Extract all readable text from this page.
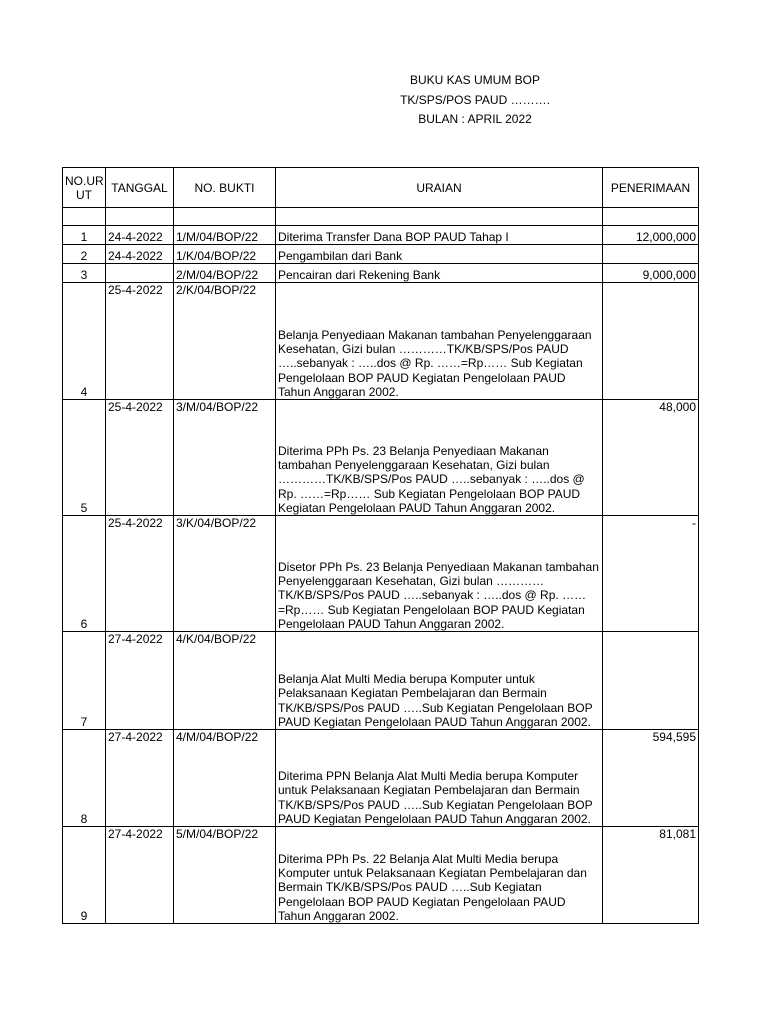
BUKU KAS UMUM BOP
TK/SPS/POS PAUD ……….
BULAN : APRIL 2022
NO.UR UT	TANGGAL	NO. BUKTI	URAIAN	PENERIMAAN

1	24-4-2022	1/M/04/BOP/22	Diterima Transfer Dana BOP PAUD Tahap I	12,000,000
2	24-4-2022	1/K/04/BOP/22	Pengambilan dari Bank	
3		2/M/04/BOP/22	Pencairan dari Rekening Bank	9,000,000
4	25-4-2022	2/K/04/BOP/22	Belanja Penyediaan Makanan tambahan Penyelenggaraan Kesehatan, Gizi bulan …………TK/KB/SPS/Pos PAUD …..sebanyak : …..dos @ Rp. ……=Rp…… Sub Kegiatan Pengelolaan BOP PAUD Kegiatan Pengelolaan PAUD Tahun Anggaran 2002.	
5	25-4-2022	3/M/04/BOP/22	Diterima PPh Ps. 23 Belanja Penyediaan Makanan tambahan Penyelenggaraan Kesehatan, Gizi bulan …………TK/KB/SPS/Pos PAUD …..sebanyak : …..dos @ Rp. ……=Rp…… Sub Kegiatan Pengelolaan BOP PAUD Kegiatan Pengelolaan PAUD Tahun Anggaran 2002.	48,000
6	25-4-2022	3/K/04/BOP/22	Disetor PPh Ps. 23 Belanja Penyediaan Makanan tambahan Penyelenggaraan Kesehatan, Gizi bulan …………TK/KB/SPS/Pos PAUD …..sebanyak : …..dos @ Rp. ……=Rp…… Sub Kegiatan Pengelolaan BOP PAUD Kegiatan Pengelolaan PAUD Tahun Anggaran 2002.	-
7	27-4-2022	4/K/04/BOP/22	Belanja Alat Multi Media berupa Komputer untuk Pelaksanaan Kegiatan Pembelajaran dan Bermain TK/KB/SPS/Pos PAUD …..Sub Kegiatan Pengelolaan BOP PAUD Kegiatan Pengelolaan PAUD Tahun Anggaran 2002.	
8	27-4-2022	4/M/04/BOP/22	Diterima PPN Belanja Alat Multi Media berupa Komputer untuk Pelaksanaan Kegiatan Pembelajaran dan Bermain TK/KB/SPS/Pos PAUD …..Sub Kegiatan Pengelolaan BOP PAUD Kegiatan Pengelolaan PAUD Tahun Anggaran 2002.	594,595
9	27-4-2022	5/M/04/BOP/22	Diterima PPh Ps. 22 Belanja Alat Multi Media berupa Komputer untuk Pelaksanaan Kegiatan Pembelajaran dan Bermain TK/KB/SPS/Pos PAUD …..Sub Kegiatan Pengelolaan BOP PAUD Kegiatan Pengelolaan PAUD Tahun Anggaran 2002.	81,081
